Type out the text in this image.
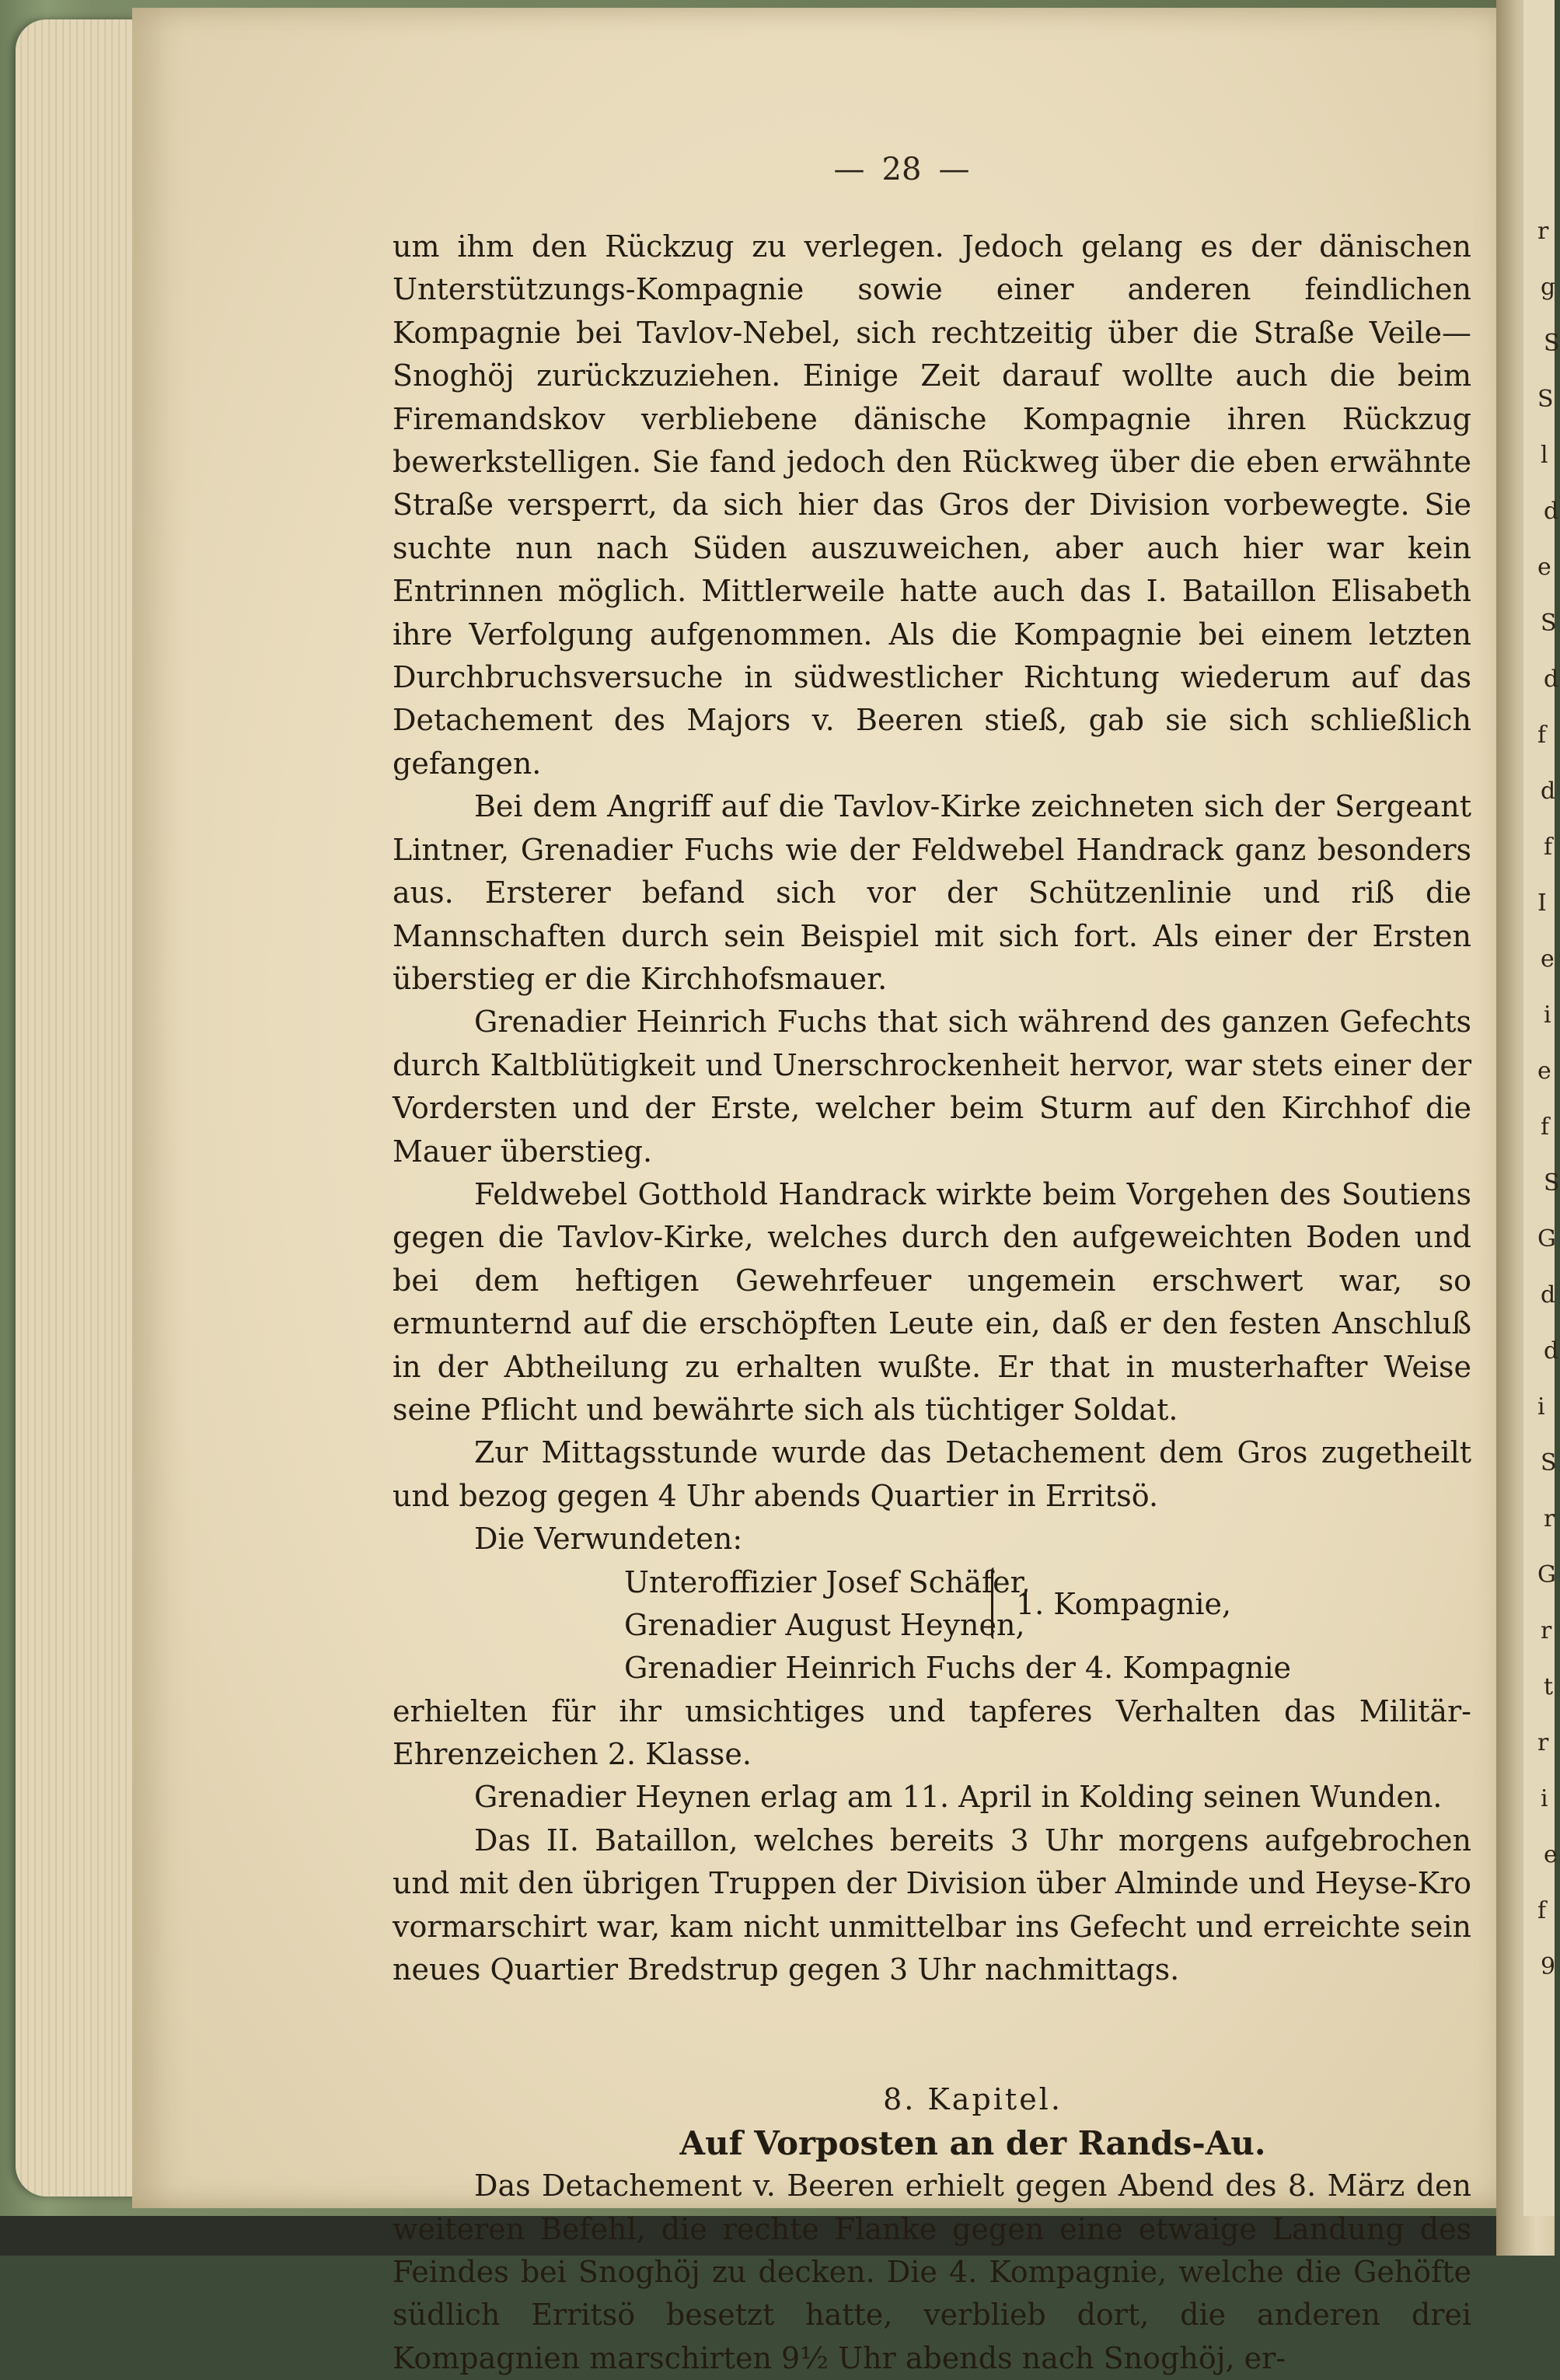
— 28 —

um ihm den Rückzug zu verlegen. Jedoch gelang es der dänischen Unterstützungs-Kompagnie sowie einer anderen feindlichen Kompagnie bei Tavlov-Nebel, sich rechtzeitig über die Straße Veile—Snoghöj zurückzuziehen. Einige Zeit darauf wollte auch die beim Firemandskov verbliebene dänische Kompagnie ihren Rückzug bewerkstelligen. Sie fand jedoch den Rückweg über die eben erwähnte Straße versperrt, da sich hier das Gros der Division vorbewegte. Sie suchte nun nach Süden auszuweichen, aber auch hier war kein Entrinnen möglich. Mittlerweile hatte auch das I. Bataillon Elisabeth ihre Verfolgung aufgenommen. Als die Kompagnie bei einem letzten Durchbruchsversuche in südwestlicher Richtung wiederum auf das Detachement des Majors v. Beeren stieß, gab sie sich schließlich gefangen.

Bei dem Angriff auf die Tavlov-Kirke zeichneten sich der Sergeant Lintner, Grenadier Fuchs wie der Feldwebel Handrack ganz besonders aus. Ersterer befand sich vor der Schützenlinie und riß die Mannschaften durch sein Beispiel mit sich fort. Als einer der Ersten überstieg er die Kirchhofsmauer.

Grenadier Heinrich Fuchs that sich während des ganzen Gefechts durch Kaltblütigkeit und Unerschrockenheit hervor, war stets einer der Vordersten und der Erste, welcher beim Sturm auf den Kirchhof die Mauer überstieg.

Feldwebel Gotthold Handrack wirkte beim Vorgehen des Soutiens gegen die Tavlov-Kirke, welches durch den aufgeweichten Boden und bei dem heftigen Gewehrfeuer ungemein erschwert war, so ermunternd auf die erschöpften Leute ein, daß er den festen Anschluß in der Abtheilung zu erhalten wußte. Er that in musterhafter Weise seine Pflicht und bewährte sich als tüchtiger Soldat.

Zur Mittagsstunde wurde das Detachement dem Gros zugetheilt und bezog gegen 4 Uhr abends Quartier in Erritsö.

Die Verwundeten:

Unteroffizier Josef Schäfer,
Grenadier August Heynen,
1. Kompagnie,
Grenadier Heinrich Fuchs der 4. Kompagnie

erhielten für ihr umsichtiges und tapferes Verhalten das Militär-Ehrenzeichen 2. Klasse.

Grenadier Heynen erlag am 11. April in Kolding seinen Wunden.

Das II. Bataillon, welches bereits 3 Uhr morgens aufgebrochen und mit den übrigen Truppen der Division über Alminde und Heyse-Kro vormarschirt war, kam nicht unmittelbar ins Gefecht und erreichte sein neues Quartier Bredstrup gegen 3 Uhr nachmittags.

8. Kapitel.

Auf Vorposten an der Rands-Au.

Das Detachement v. Beeren erhielt gegen Abend des 8. März den weiteren Befehl, die rechte Flanke gegen eine etwaige Landung des Feindes bei Snoghöj zu decken. Die 4. Kompagnie, welche die Gehöfte südlich Erritsö besetzt hatte, verblieb dort, die anderen drei Kompagnien marschirten 9½ Uhr abends nach Snoghöj, er-

r
g
S
S
l
d
e
S
d
f
d
f
I
e
i
e
f
S
G
d
d
i
S
r
G
r
t
r
i
e
f
9
